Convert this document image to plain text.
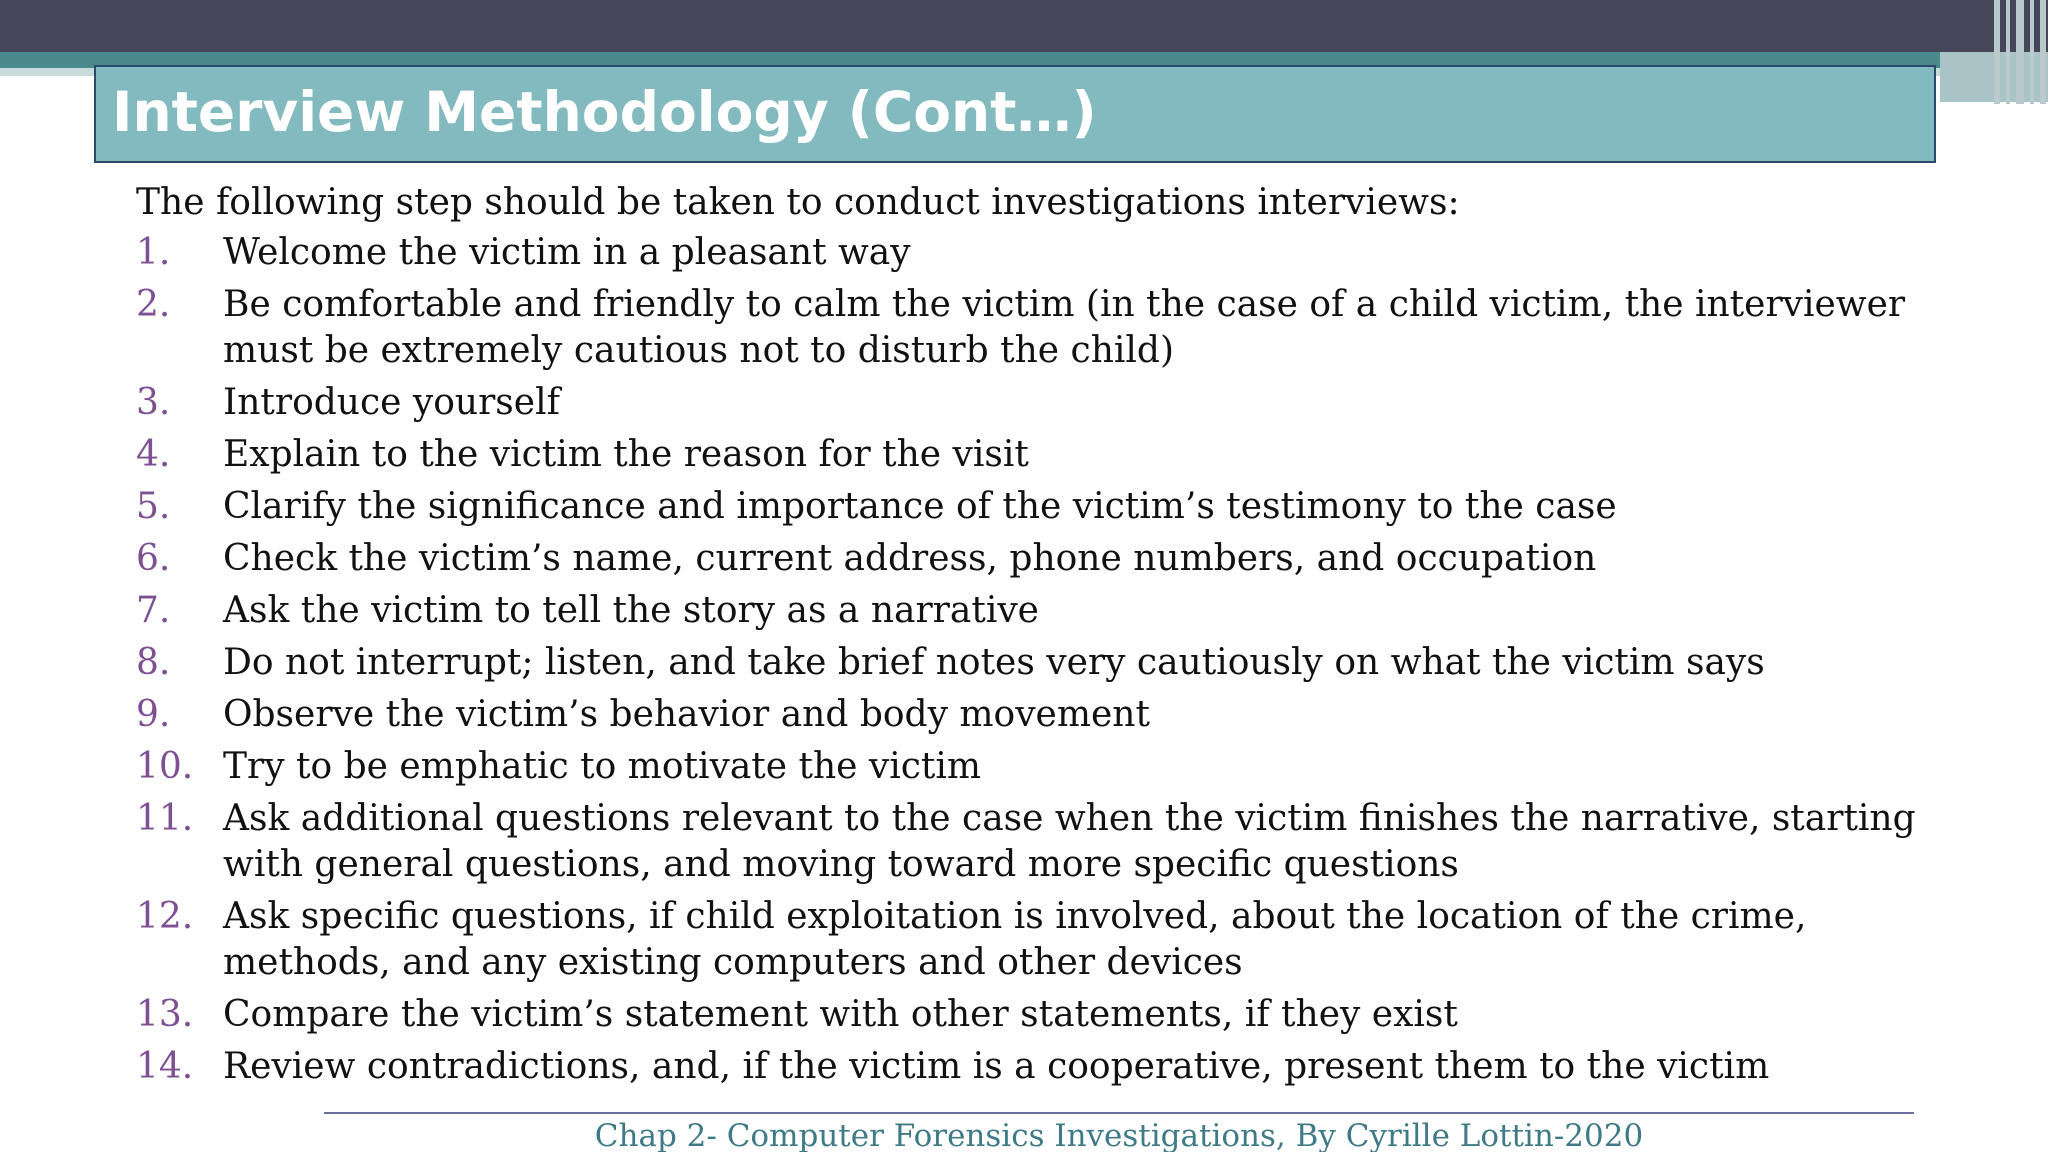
Interview Methodology (Cont…)
The following step should be taken to conduct investigations interviews:
1. Welcome the victim in a pleasant way
2. Be comfortable and friendly to calm the victim (in the case of a child victim, the interviewer must be extremely cautious not to disturb the child)
3. Introduce yourself
4. Explain to the victim the reason for the visit
5. Clarify the significance and importance of the victim’s testimony to the case
6. Check the victim’s name, current address, phone numbers, and occupation
7. Ask the victim to tell the story as a narrative
8. Do not interrupt; listen, and take brief notes very cautiously on what the victim says
9. Observe the victim’s behavior and body movement
10. Try to be emphatic to motivate the victim
11. Ask additional questions relevant to the case when the victim finishes the narrative, starting with general questions, and moving toward more specific questions
12. Ask specific questions, if child exploitation is involved, about the location of the crime, methods, and any existing computers and other devices
13. Compare the victim’s statement with other statements, if they exist
14. Review contradictions, and, if the victim is a cooperative, present them to the victim
Chap 2- Computer Forensics Investigations, By Cyrille Lottin-2020
